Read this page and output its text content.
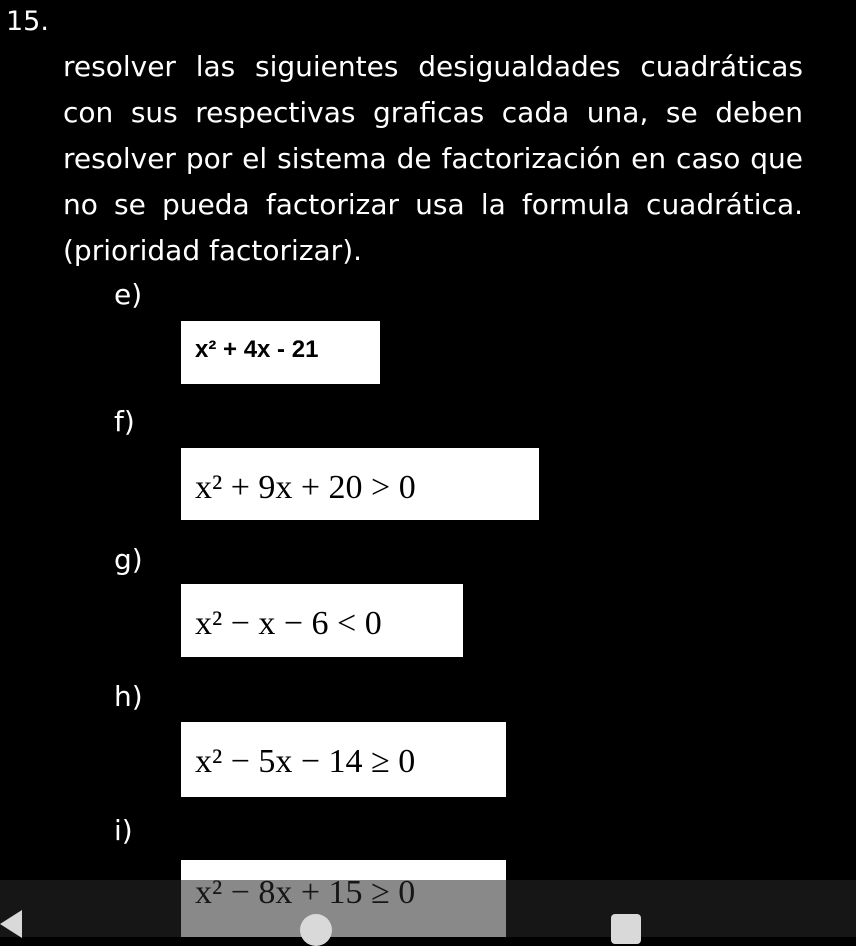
15.
resolver las siguientes desigualdades cuadráticas
con sus respectivas graficas cada una, se deben
resolver por el sistema de factorización en caso que
no se pueda factorizar usa la formula cuadrática.
(prioridad factorizar).
e)
x² + 4x - 21
f)
x² + 9x + 20 > 0
g)
x² − x − 6 < 0
h)
x² − 5x − 14 ≥ 0
i)
